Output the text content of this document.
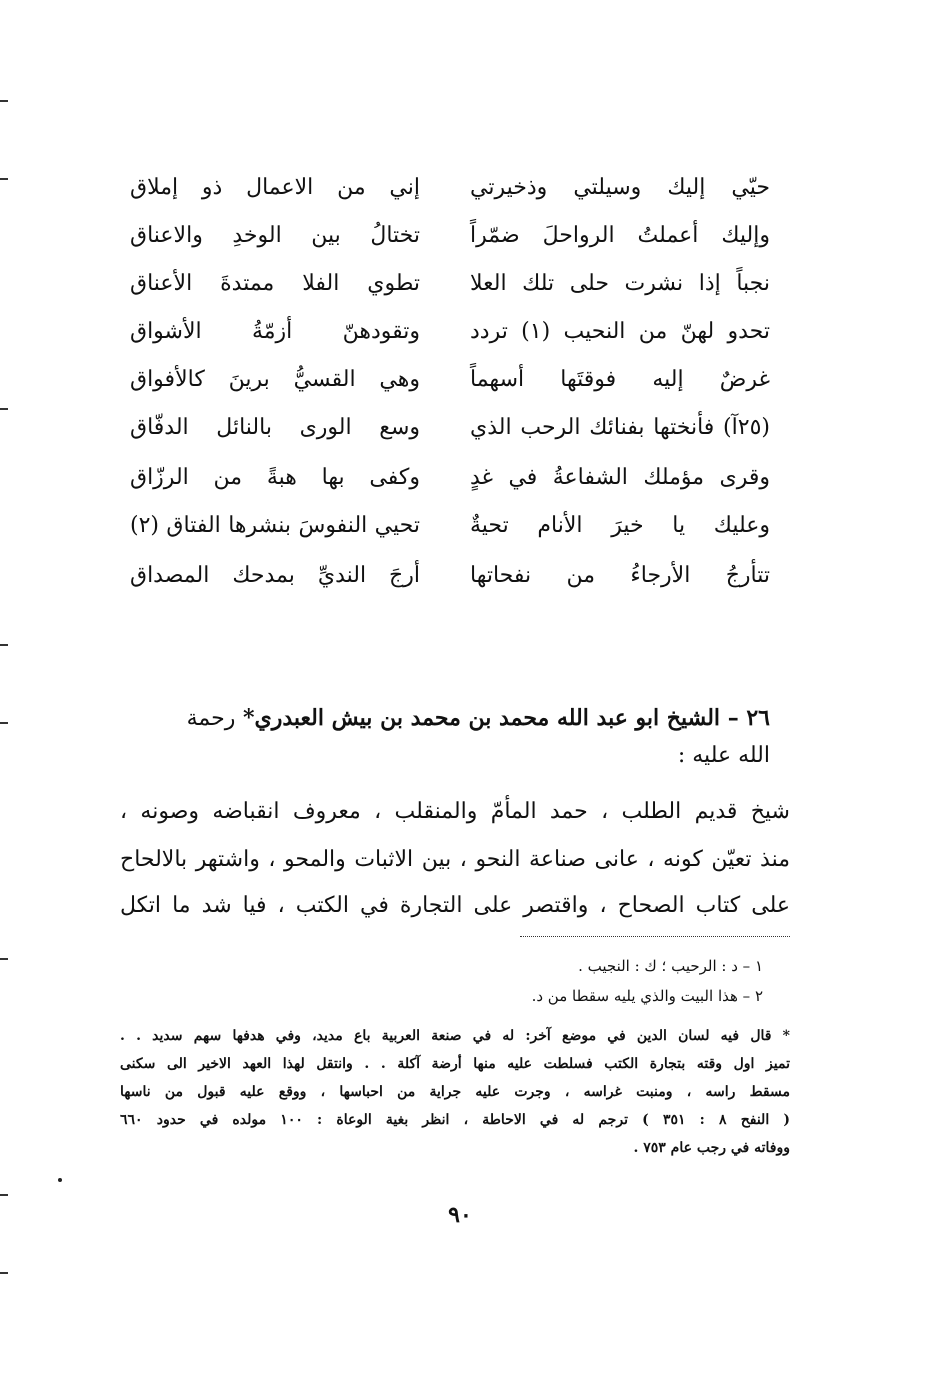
حيّي إليك وسيلتي وذخيرتي
إني من الاعمال ذو إملاق
وإليك أعملتُ الرواحلَ ضمّراً
تختالُ بين الوخدِ والاعناق
نجباً إذا نشرت حلى تلك العلا
تطوي الفلا ممتدةَ الأعناق
تحدو لهنّ من النحيب (١) تردد
وتقودهنّ أزمّةُ الأشواق
غرضٌ إليه فوقتَها أسهماً
وهي القسيُّ برينَ كالأفواق
(٢٥آ) فأنختها بفنائك الرحب الذي
وسع الورى بالنائل الدفّاق
وقرى مؤملك الشفاعةُ في غدٍ
وكفى بها هبةً من الرزّاق
وعليك يا خيرَ الأنام تحيةٌ
تحيي النفوسَ بنشرها الفتاق (٢)
تتأرجُ الأرجاءُ من نفحاتها
أرجَ النديِّ بمدحك المصداق
٢٦ – الشيخ ابو عبد الله محمد بن محمد بن بيش العبدري* رحمة الله عليه :
شيخ قديم الطلب ، حمد المأمّ والمنقلب ، معروف انقباضه وصونه ،
منذ تعيّن كونه ، عانى صناعة النحو ، بين الاثبات والمحو ، واشتهر بالالحاح
على كتاب الصحاح ، واقتصر على التجارة في الكتب ، فيا شد ما اتكل
١ – د : الرحيب ؛ ك : النجيب .
٢ – هذا البيت والذي يليه سقطا من د.
* قال فيه لسان الدين في موضع آخر: له في صنعة العربية باع مديد، وفي هدفها سهم سديد . .
تميز اول وقته بتجارة الكتب فسلطت عليه منها أرضة آكلة . . وانتقل لهذا العهد الاخير الى سكنى
مسقط راسه ، ومنبت غراسه ، وجرت عليه جراية من احباسها ، ووقع عليه قبول من ناسها
( النفح ٨ : ٣٥١ ) ترجم له في الاحاطة ، انظر بغية الوعاة : ١٠٠ مولده في حدود ٦٦٠
ووفاته في رجب عام ٧٥٣ .
٩٠
